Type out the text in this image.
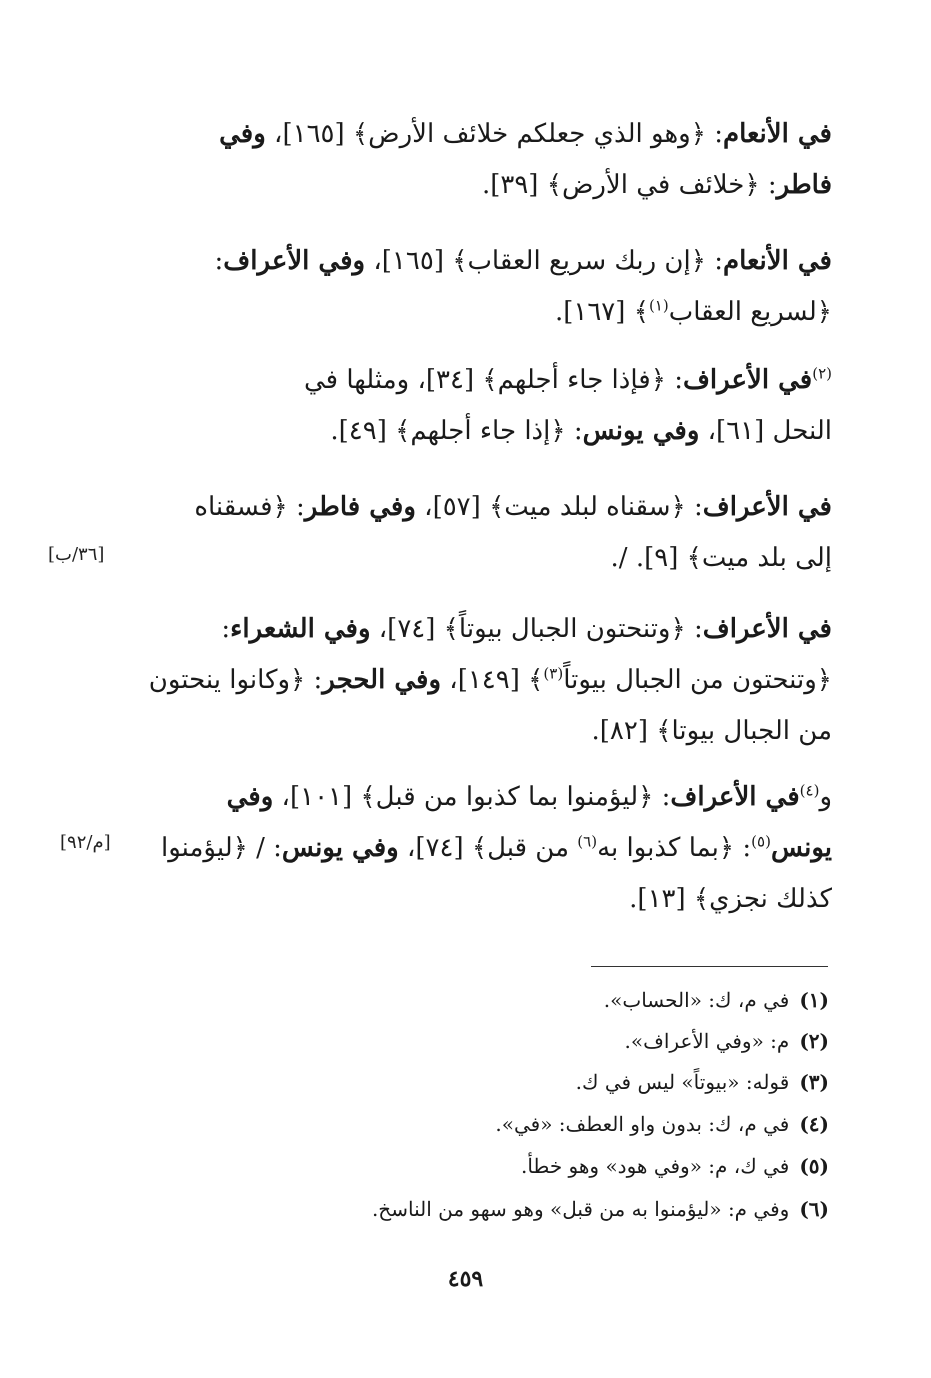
في الأنعام: ﴿وهو الذي جعلكم خلائف الأرض﴾ [١٦٥]، وفي
فاطر: ﴿خلائف في الأرض﴾ [٣٩].
في الأنعام: ﴿إن ربك سريع العقاب﴾ [١٦٥]، وفي الأعراف:
﴿لسريع العقاب$^{(١)}$﴾ [١٦٧].
$^{(٢)}$في الأعراف: ﴿فإذا جاء أجلهم﴾ [٣٤]، ومثلها في
النحل [٦١]، وفي يونس: ﴿إذا جاء أجلهم﴾ [٤٩].
في الأعراف: ﴿سقناه لبلد ميت﴾ [٥٧]، وفي فاطر: ﴿فسقناه
إلى بلد ميت﴾ [٩]. /.
[٣٦/ب]
في الأعراف: ﴿وتنحتون الجبال بيوتاً﴾ [٧٤]، وفي الشعراء:
﴿وتنحتون من الجبال بيوتاً$^{(٣)}$﴾ [١٤٩]، وفي الحجر: ﴿وكانوا ينحتون
من الجبال بيوتا﴾ [٨٢].
و$^{(٤)}$في الأعراف: ﴿ليؤمنوا بما كذبوا من قبل﴾ [١٠١]، وفي
يونس$^{(٥)}$: ﴿بما كذبوا به$^{(٦)}$ من قبل﴾ [٧٤]، وفي يونس: / ﴿ليؤمنوا
كذلك نجزي﴾ [١٣].
[م/٩٢]
(١)في م، ك: «الحساب».
(٢)م: «وفي الأعراف».
(٣)قوله: «بيوتاً» ليس في ك.
(٤)في م، ك: بدون واو العطف: «في».
(٥)في ك، م: «وفي هود» وهو خطأ.
(٦)وفي م: «ليؤمنوا به من قبل» وهو سهو من الناسخ.
٤٥٩
